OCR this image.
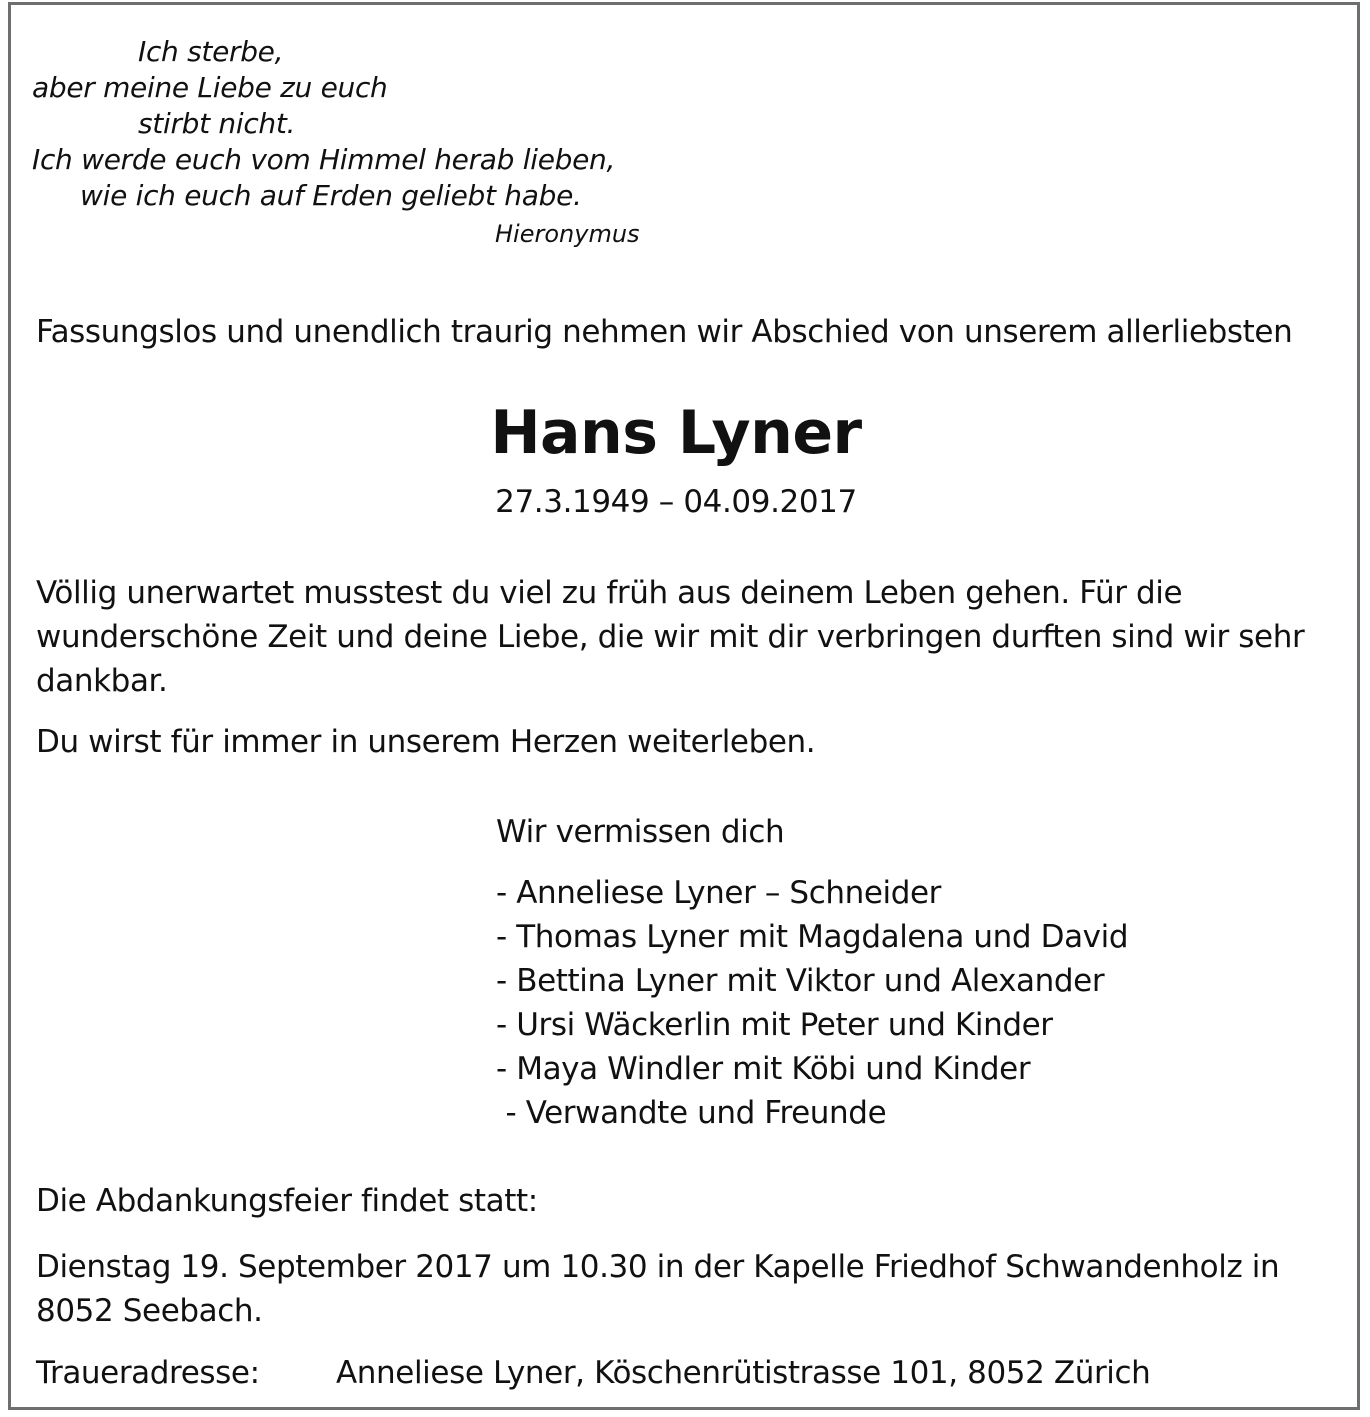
Ich sterbe,
aber meine Liebe zu euch
stirbt nicht.
Ich werde euch vom Himmel herab lieben,
wie ich euch auf Erden geliebt habe.
Hieronymus
Fassungslos und unendlich traurig nehmen wir Abschied von unserem allerliebsten
Hans Lyner
27.3.1949 – 04.09.2017
Völlig unerwartet musstest du viel zu früh aus deinem Leben gehen. Für die wunderschöne Zeit und deine Liebe, die wir mit dir verbringen durften sind wir sehr dankbar.
Du wirst für immer in unserem Herzen weiterleben.
Wir vermissen dich
- Anneliese Lyner – Schneider
- Thomas Lyner mit Magdalena und David
- Bettina Lyner mit Viktor und Alexander
- Ursi Wäckerlin mit Peter und Kinder
- Maya Windler mit Köbi und Kinder
- Verwandte und Freunde
Die Abdankungsfeier findet statt:
Dienstag 19. September 2017 um 10.30 in der Kapelle Friedhof Schwandenholz in 8052 Seebach.
Traueradresse: Anneliese Lyner, Köschenrütistrasse 101, 8052 Zürich
